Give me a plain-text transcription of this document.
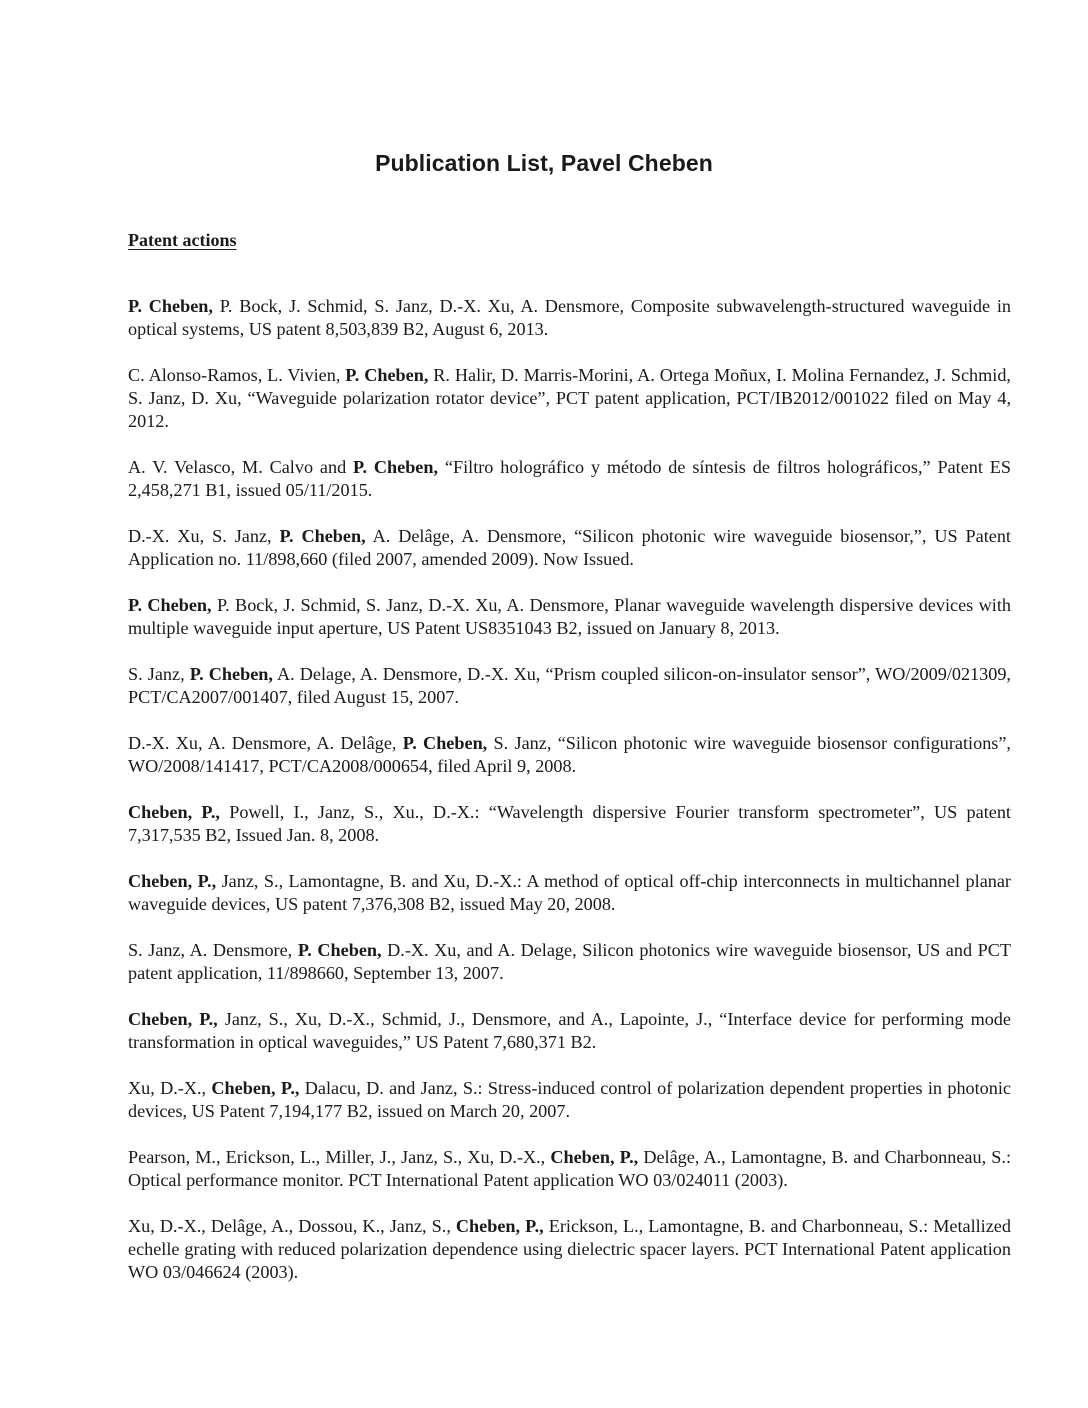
Publication List, Pavel Cheben
Patent actions

P. Cheben, P. Bock, J. Schmid, S. Janz, D.-X. Xu, A. Densmore, Composite subwavelength-structured waveguide in optical systems, US patent 8,503,839 B2, August 6, 2013.

C. Alonso-Ramos, L. Vivien, P. Cheben, R. Halir, D. Marris-Morini, A. Ortega Moñux, I. Molina Fernandez, J. Schmid, S. Janz, D. Xu, “Waveguide polarization rotator device”, PCT patent application, PCT/IB2012/001022 filed on May 4, 2012.

A. V. Velasco, M. Calvo and P. Cheben, “Filtro holográfico y método de síntesis de filtros holográficos,” Patent ES 2,458,271 B1, issued 05/11/2015.

D.-X. Xu, S. Janz, P. Cheben, A. Delâge, A. Densmore, “Silicon photonic wire waveguide biosensor,”, US Patent Application no. 11/898,660 (filed 2007, amended 2009). Now Issued.

P. Cheben, P. Bock, J. Schmid, S. Janz, D.-X. Xu, A. Densmore, Planar waveguide wavelength dispersive devices with multiple waveguide input aperture, US Patent US8351043 B2, issued on January 8, 2013.

S. Janz, P. Cheben, A. Delage, A. Densmore, D.-X. Xu, “Prism coupled silicon-on-insulator sensor”, WO/2009/021309, PCT/CA2007/001407, filed August 15, 2007.

D.-X. Xu, A. Densmore, A. Delâge, P. Cheben, S. Janz, “Silicon photonic wire waveguide biosensor configurations”, WO/2008/141417, PCT/CA2008/000654, filed April 9, 2008.

Cheben, P., Powell, I., Janz, S., Xu., D.-X.: “Wavelength dispersive Fourier transform spectrometer”, US patent 7,317,535 B2, Issued Jan. 8, 2008.

Cheben, P., Janz, S., Lamontagne, B. and Xu, D.-X.: A method of optical off-chip interconnects in multichannel planar waveguide devices, US patent 7,376,308 B2, issued May 20, 2008.

S. Janz, A. Densmore, P. Cheben, D.-X. Xu, and A. Delage, Silicon photonics wire waveguide biosensor, US and PCT patent application, 11/898660, September 13, 2007.

Cheben, P., Janz, S., Xu, D.-X., Schmid, J., Densmore, and A., Lapointe, J., “Interface device for performing mode transformation in optical waveguides,” US Patent 7,680,371 B2.

Xu, D.-X., Cheben, P., Dalacu, D. and Janz, S.: Stress-induced control of polarization dependent properties in photonic devices, US Patent 7,194,177 B2, issued on March 20, 2007.

Pearson, M., Erickson, L., Miller, J., Janz, S., Xu, D.-X., Cheben, P., Delâge, A., Lamontagne, B. and Charbonneau, S.: Optical performance monitor. PCT International Patent application WO 03/024011 (2003).

Xu, D.-X., Delâge, A., Dossou, K., Janz, S., Cheben, P., Erickson, L., Lamontagne, B. and Charbonneau, S.: Metallized echelle grating with reduced polarization dependence using dielectric spacer layers. PCT International Patent application WO 03/046624 (2003).
